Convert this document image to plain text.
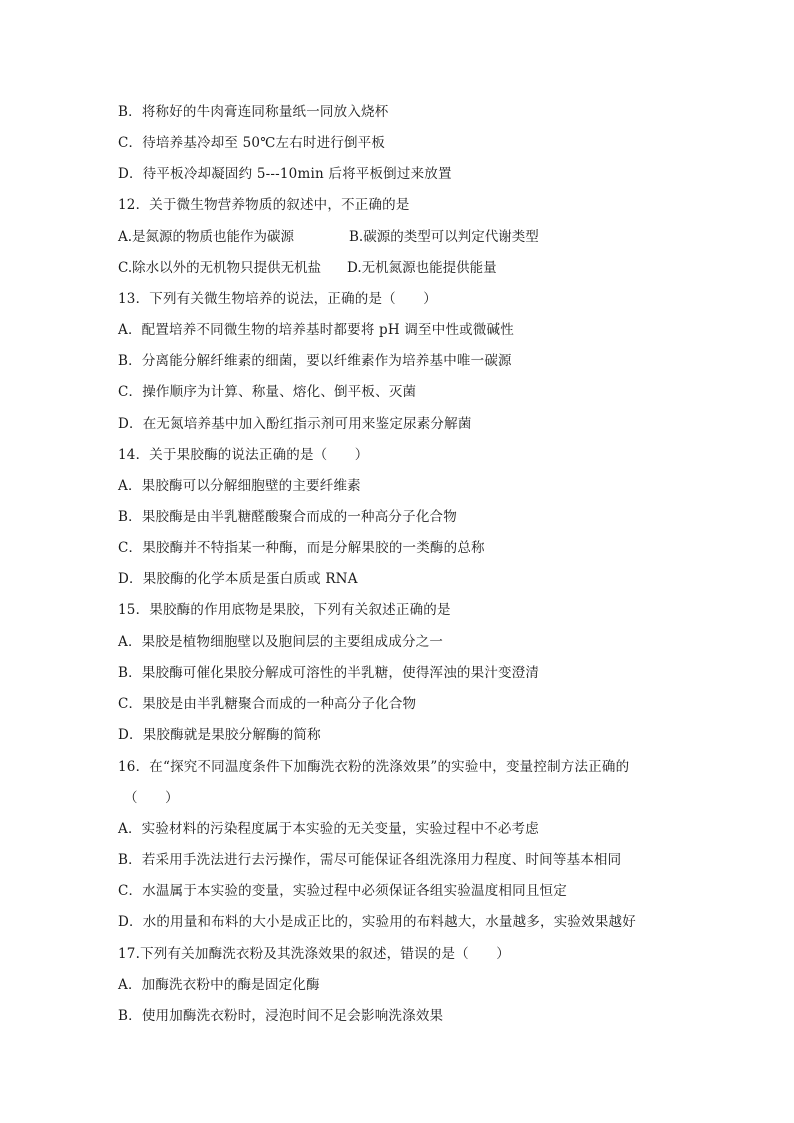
B．将称好的牛肉膏连同称量纸一同放入烧杯
C．待培养基冷却至 50℃左右时进行倒平板
D．待平板冷却凝固约 5---10min 后将平板倒过来放置
12．关于微生物营养物质的叙述中，不正确的是
A.是氮源的物质也能作为碳源	B.碳源的类型可以判定代谢类型
C.除水以外的无机物只提供无机盐 D.无机氮源也能提供能量
13．下列有关微生物培养的说法，正确的是（　　）
A．配置培养不同微生物的培养基时都要将 pH 调至中性或微碱性
B．分离能分解纤维素的细菌，要以纤维素作为培养基中唯一碳源
C．操作顺序为计算、称量、熔化、倒平板、灭菌
D．在无氮培养基中加入酚红指示剂可用来鉴定尿素分解菌
14．关于果胶酶的说法正确的是（　　）
A．果胶酶可以分解细胞壁的主要纤维素
B．果胶酶是由半乳糖醛酸聚合而成的一种高分子化合物
C．果胶酶并不特指某一种酶，而是分解果胶的一类酶的总称
D．果胶酶的化学本质是蛋白质或 RNA
15．果胶酶的作用底物是果胶，下列有关叙述正确的是
A．果胶是植物细胞壁以及胞间层的主要组成成分之一
B．果胶酶可催化果胶分解成可溶性的半乳糖，使得浑浊的果汁变澄清
C．果胶是由半乳糖聚合而成的一种高分子化合物
D．果胶酶就是果胶分解酶的简称
16．在“探究不同温度条件下加酶洗衣粉的洗涤效果”的实验中，变量控制方法正确的
（　　）
A．实验材料的污染程度属于本实验的无关变量，实验过程中不必考虑
B．若采用手洗法进行去污操作，需尽可能保证各组洗涤用力程度、时间等基本相同
C．水温属于本实验的变量，实验过程中必须保证各组实验温度相同且恒定
D．水的用量和布料的大小是成正比的，实验用的布料越大，水量越多，实验效果越好
17.下列有关加酶洗衣粉及其洗涤效果的叙述，错误的是（　　）
A．加酶洗衣粉中的酶是固定化酶
B．使用加酶洗衣粉时，浸泡时间不足会影响洗涤效果
